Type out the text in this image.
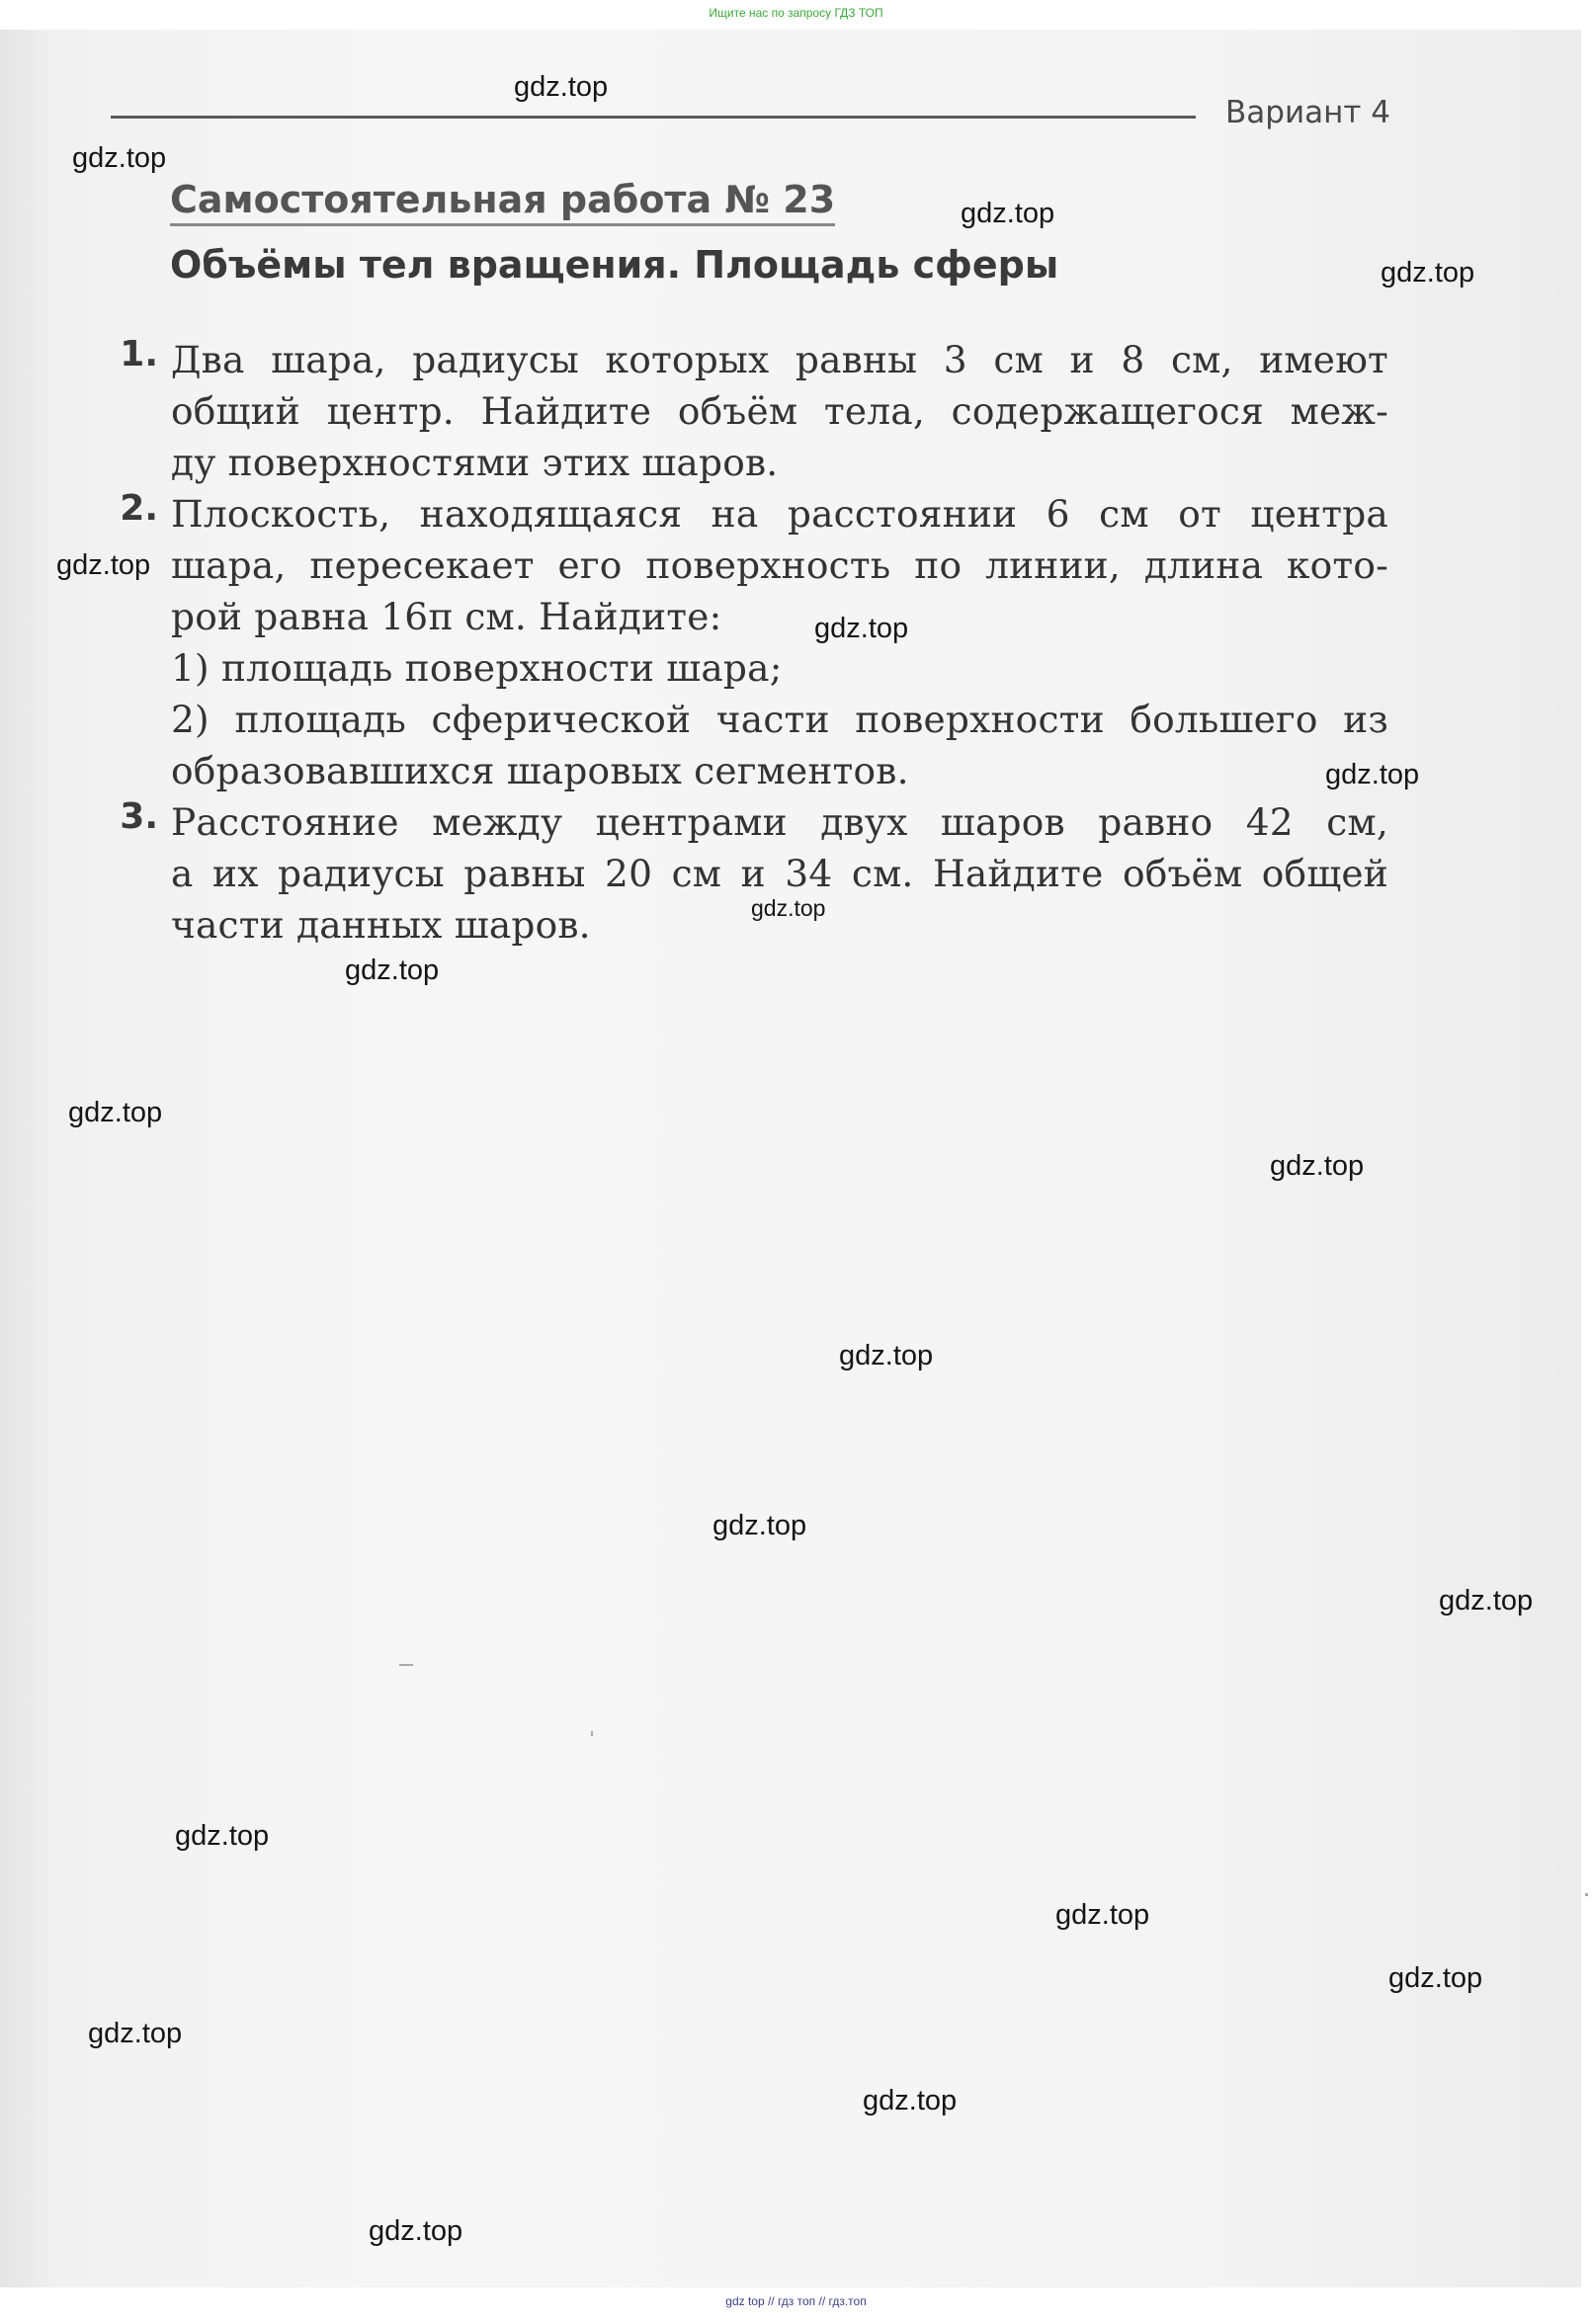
Ищите нас по запросу ГДЗ ТОП
Вариант 4
Самостоятельная работа № 23
Объёмы тел вращения. Площадь сферы
1. Два шара, радиусы которых равны 3 см и 8 см, имеют
общий центр. Найдите объём тела, содержащегося меж-
ду поверхностями этих шаров.
2. Плоскость, находящаяся на расстоянии 6 см от центра
шара, пересекает его поверхность по линии, длина кото-
рой равна 16π см. Найдите:
1) площадь поверхности шара;
2) площадь сферической части поверхности большего из
образовавшихся шаровых сегментов.
3. Расстояние между центрами двух шаров равно 42 см,
а их радиусы равны 20 см и 34 см. Найдите объём общей
части данных шаров.
gdz.top
gdz.top
gdz.top
gdz.top
gdz.top
gdz.top
gdz.top
gdz.top
gdz.top
gdz.top
gdz.top
gdz.top
gdz.top
gdz.top
gdz.top
gdz.top
gdz.top
gdz.top
gdz.top
gdz.top
gdz top // гдз топ // гдз.топ
